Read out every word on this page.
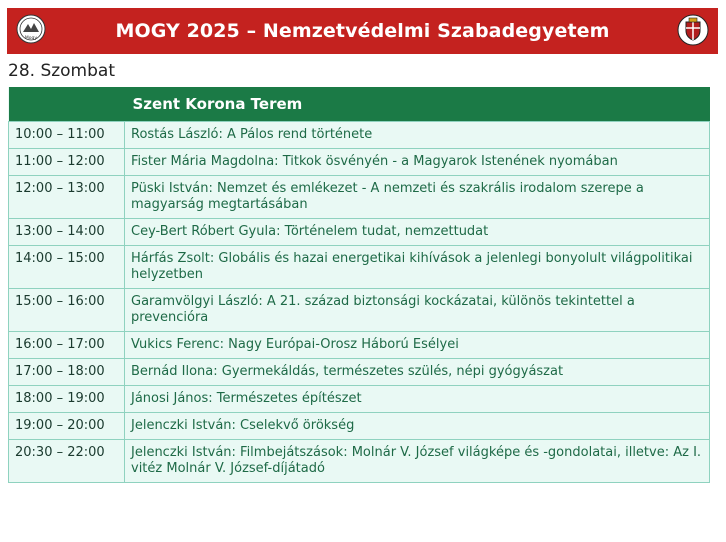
Mogy	MOGY 2025 – Nemzetvédelmi Szabadegyetem
28. Szombat
	Szent Korona Terem
10:00 – 11:00	Rostás László: A Pálos rend története
11:00 – 12:00	Fister Mária Magdolna: Titkok ösvényén - a Magyarok Istenének nyomában
12:00 – 13:00	Püski István: Nemzet és emlékezet - A nemzeti és szakrális irodalom szerepe a magyarság megtartásában
13:00 – 14:00	Cey-Bert Róbert Gyula: Történelem tudat, nemzettudat
14:00 – 15:00	Hárfás Zsolt: Globális és hazai energetikai kihívások a jelenlegi bonyolult világpolitikai helyzetben
15:00 – 16:00	Garamvölgyi László: A 21. század biztonsági kockázatai, különös tekintettel a prevencióra
16:00 – 17:00	Vukics Ferenc: Nagy Európai-Orosz Háború Esélyei
17:00 – 18:00	Bernád Ilona: Gyermekáldás, természetes szülés, népi gyógyászat
18:00 – 19:00	Jánosi János: Természetes építészet
19:00 – 20:00	Jelenczki István: Cselekvő örökség
20:30 – 22:00	Jelenczki István: Filmbejátszások: Molnár V. József világképe és -gondolatai, illetve: Az I. vitéz Molnár V. József-díjátadó
